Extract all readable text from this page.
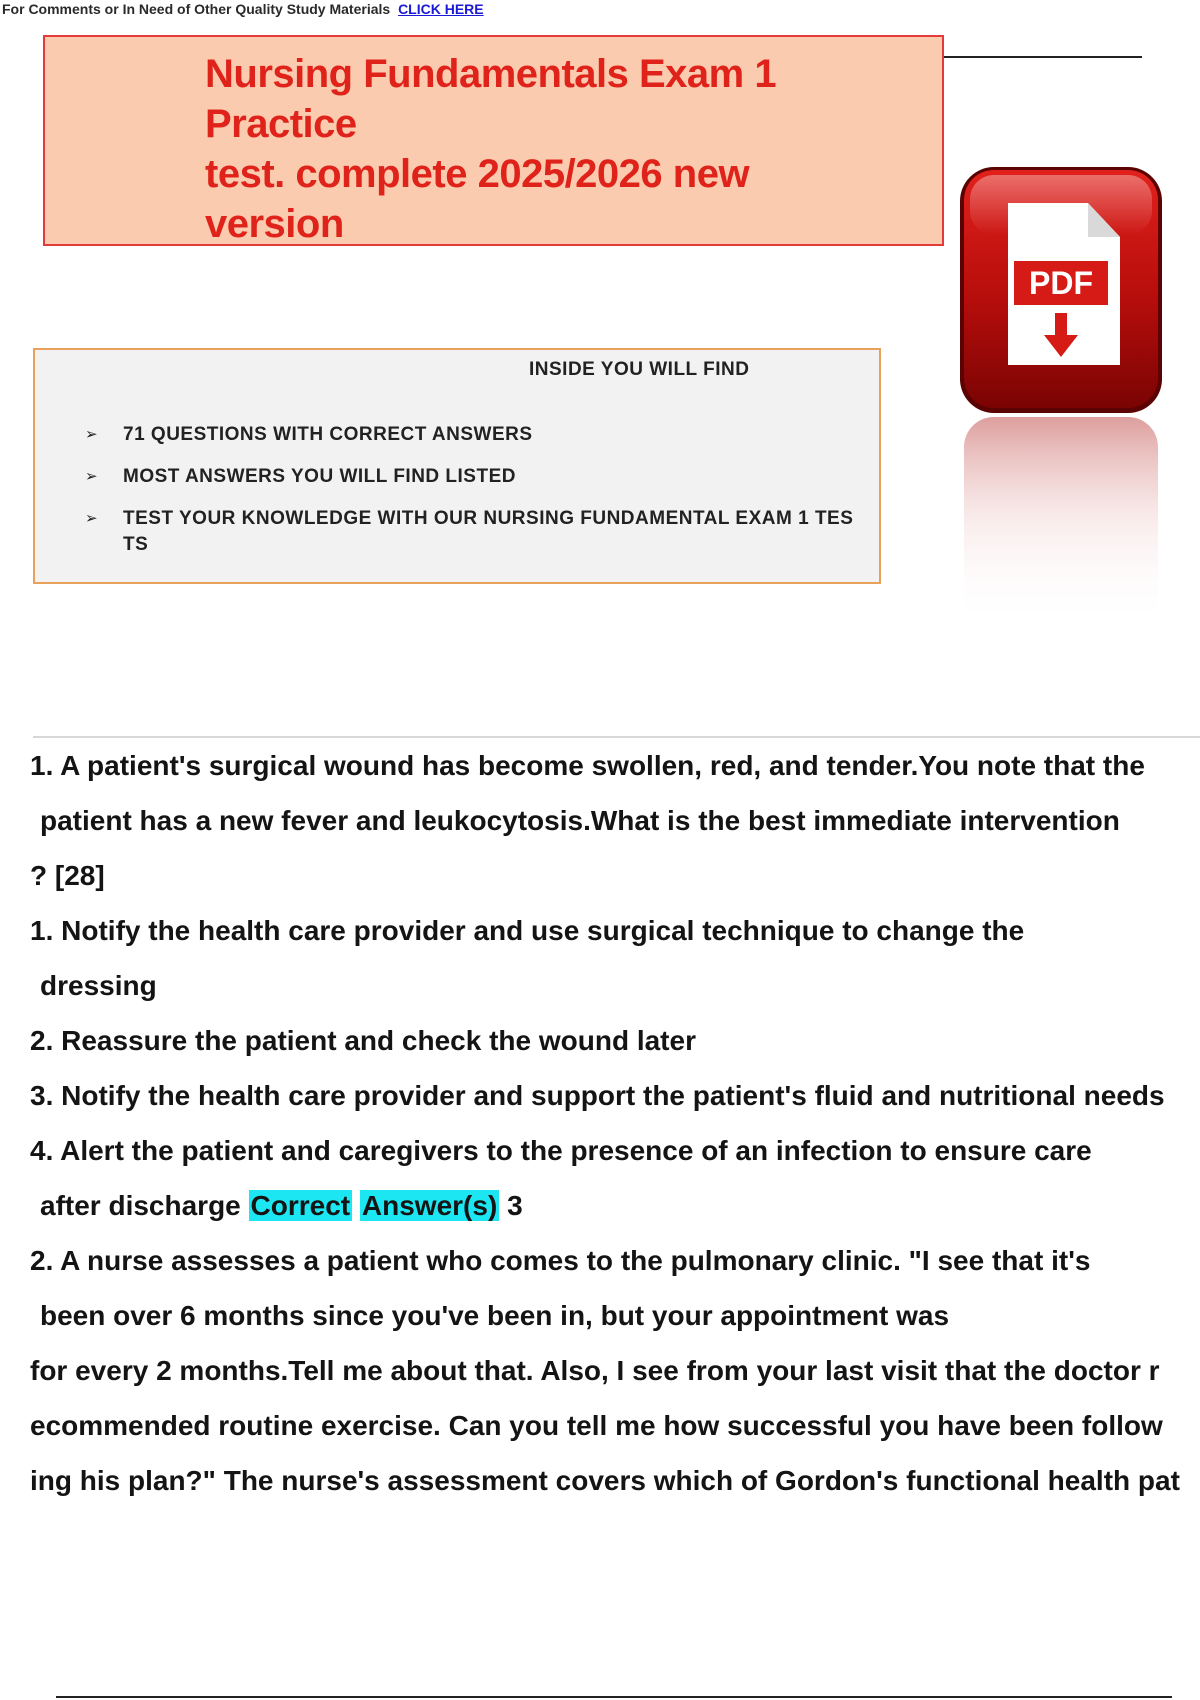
For Comments or In Need of Other Quality Study Materials CLICK HERE
Nursing Fundamentals Exam 1 Practice
test. complete 2025/2026 new
version
PDF
INSIDE YOU WILL FIND
➢ 71 QUESTIONS WITH CORRECT ANSWERS
➢ MOST ANSWERS YOU WILL FIND LISTED
➢ TEST YOUR KNOWLEDGE WITH OUR NURSING FUNDAMENTAL EXAM 1 TES
TS
1. A patient's surgical wound has become swollen, red, and tender.You note that the
patient has a new fever and leukocytosis.What is the best immediate intervention
? [28]
1. Notify the health care provider and use surgical technique to change the
dressing
2. Reassure the patient and check the wound later
3. Notify the health care provider and support the patient's fluid and nutritional needs
4. Alert the patient and caregivers to the presence of an infection to ensure care
after discharge Correct Answer(s) 3
2. A nurse assesses a patient who comes to the pulmonary clinic. "I see that it's
been over 6 months since you've been in, but your appointment was
for every 2 months.Tell me about that. Also, I see from your last visit that the doctor r
ecommended routine exercise. Can you tell me how successful you have been follow
ing his plan?" The nurse's assessment covers which of Gordon's functional health pat
